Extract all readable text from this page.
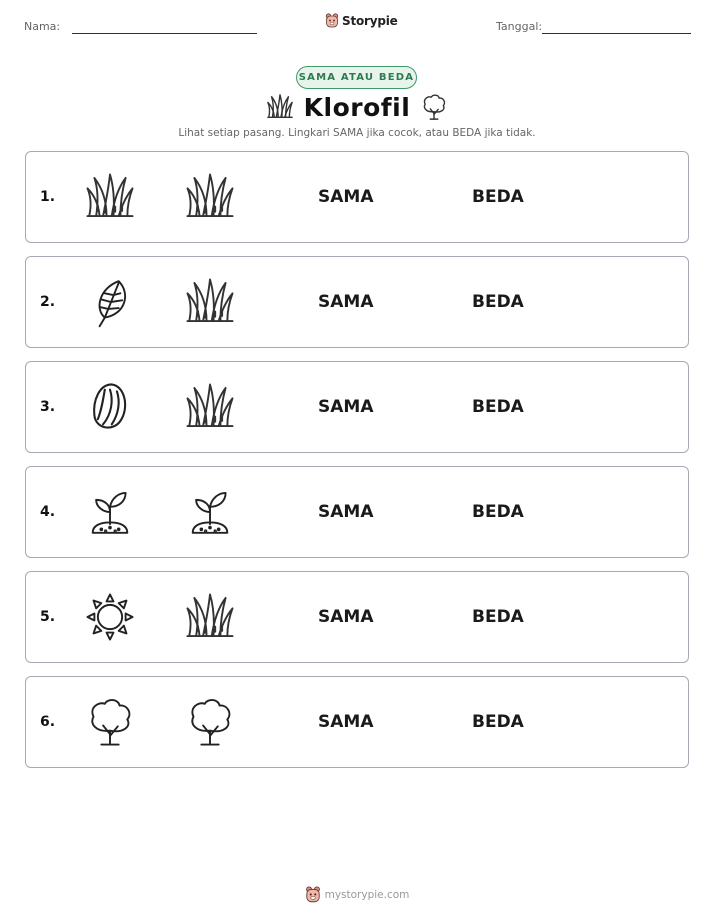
Nama:	Storypie	Tanggal:
SAMA ATAU BEDA
Klorofil
Lihat setiap pasang. Lingkari SAMA jika cocok, atau BEDA jika tidak.
1.	SAMA	BEDA
2.	SAMA	BEDA
3.	SAMA	BEDA
4.	SAMA	BEDA
5.	SAMA	BEDA
6.	SAMA	BEDA
mystorypie.com
